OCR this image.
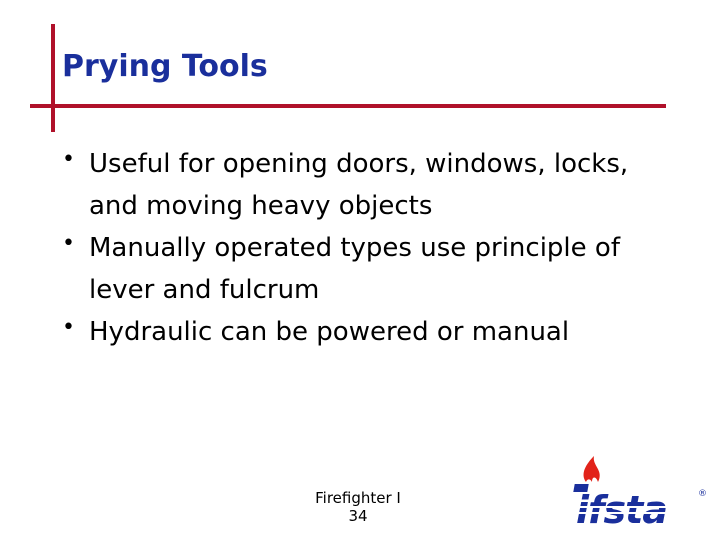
Prying Tools
• Useful for opening doors, windows, locks, and moving heavy objects
• Manually operated types use principle of lever and fulcrum
• Hydraulic can be powered or manual
Firefighter I
34
®
